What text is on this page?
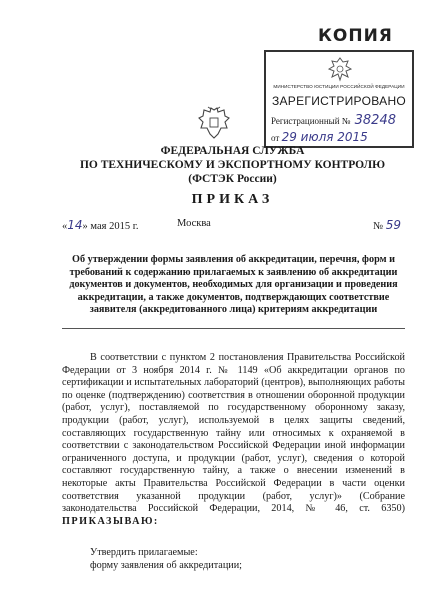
КОПИЯ
МИНИСТЕРСТВО ЮСТИЦИИ РОССИЙСКОЙ ФЕДЕРАЦИИ
ЗАРЕГИСТРИРОВАНО
Регистрационный № 38248
от 29 июля 2015
ФЕДЕРАЛЬНАЯ СЛУЖБА
ПО ТЕХНИЧЕСКОМУ И ЭКСПОРТНОМУ КОНТРОЛЮ
(ФСТЭК России)
ПРИКАЗ
«14» мая 2015 г.	Москва	№ 59
Об утверждении формы заявления об аккредитации, перечня, форм и требований к содержанию прилагаемых к заявлению об аккредитации документов и документов, необходимых для организации и проведения аккредитации, а также документов, подтверждающих соответствие заявителя (аккредитованного лица) критериям аккредитации

В соответствии с пунктом 2 постановления Правительства Российской Федерации от 3 ноября 2014 г. № 1149 «Об аккредитации органов по сертификации и испытательных лабораторий (центров), выполняющих работы по оценке (подтверждению) соответствия в отношении оборонной продукции (работ, услуг), поставляемой по государственному оборонному заказу, продукции (работ, услуг), используемой в целях защиты сведений, составляющих государственную тайну или относимых к охраняемой в соответствии с законодательством Российской Федерации иной информации ограниченного доступа, и продукции (работ, услуг), сведения о которой составляют государственную тайну, а также о внесении изменений в некоторые акты Правительства Российской Федерации в части оценки соответствия указанной продукции (работ, услуг)» (Собрание законодательства Российской Федерации, 2014, № 46, ст. 6350) ПРИКАЗЫВАЮ:

Утвердить прилагаемые:
форму заявления об аккредитации;
